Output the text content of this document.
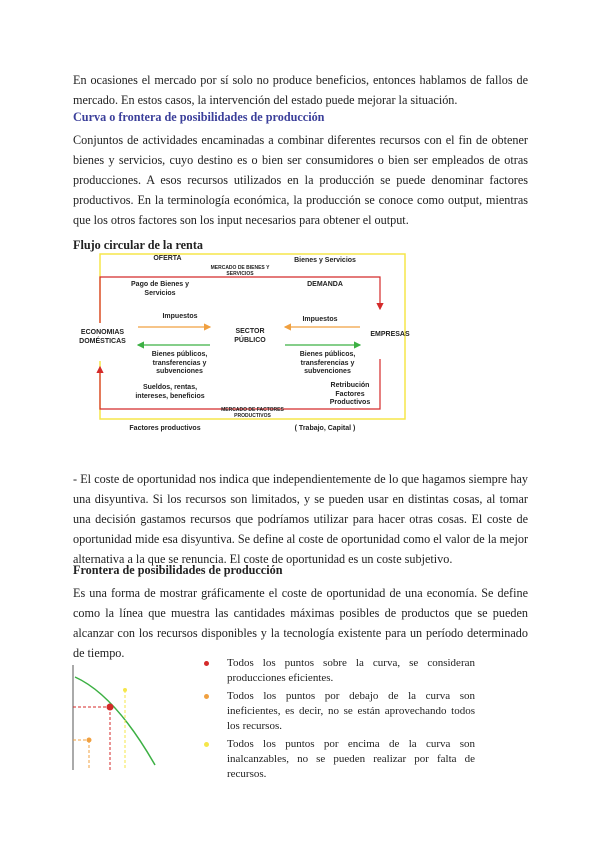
En ocasiones el mercado por sí solo no produce beneficios, entonces hablamos de fallos de mercado. En estos casos, la intervención del estado puede mejorar la situación.

Curva o frontera de posibilidades de producción

Conjuntos de actividades encaminadas a combinar diferentes recursos con el fin de obtener bienes y servicios, cuyo destino es o bien ser consumidores o bien ser empleados de otras producciones. A esos recursos utilizados en la producción se puede denominar factores productivos. En la terminología económica, la producción se conoce como output, mientras que los otros factores son los input necesarios para obtener el output.

Flujo circular de la renta

OFERTA	Bienes y Servicios
MERCADO DE BIENES Y SERVICIOS
Pago de Bienes y Servicios
DEMANDA
Impuestos	Impuestos
ECONOMIAS DOMÉSTICAS
SECTOR PÚBLICO
EMPRESAS
Bienes públicos, transferencias y subvenciones
Bienes públicos, transferencias y subvenciones
Sueldos, rentas, intereses, beneficios
Retribución Factores Productivos
MERCADO DE FACTORES PRODUCTIVOS
Factores productivos	( Trabajo, Capital )

- El coste de oportunidad nos indica que independientemente de lo que hagamos siempre hay una disyuntiva. Si los recursos son limitados, y se pueden usar en distintas cosas, al tomar una decisión gastamos recursos que podríamos utilizar para hacer otras cosas. El coste de oportunidad mide esa disyuntiva. Se define al coste de oportunidad como el valor de la mejor alternativa a la que se renuncia. El coste de oportunidad es un coste subjetivo.

Frontera de posibilidades de producción

Es una forma de mostrar gráficamente el coste de oportunidad de una economía. Se define como la línea que muestra las cantidades máximas posibles de productos que se pueden alcanzar con los recursos disponibles y la tecnología existente para un período determinado de tiempo.

Todos los puntos sobre la curva, se consideran producciones eficientes.

Todos los puntos por debajo de la curva son ineficientes, es decir, no se están aprovechando todos los recursos.

Todos los puntos por encima de la curva son inalcanzables, no se pueden realizar por falta de recursos.
